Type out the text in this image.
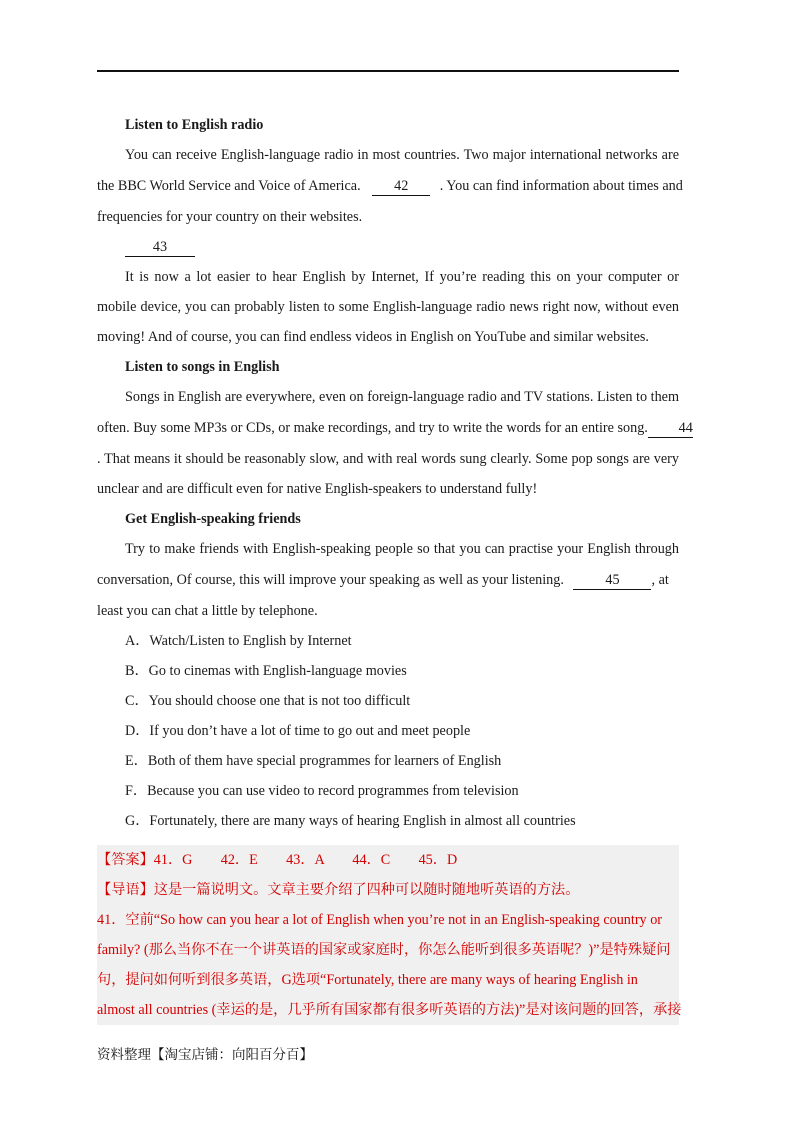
Listen to English radio
You can receive English-language radio in most countries. Two major international networks are
the BBC World Service and Voice of America. 42 . You can find information about times and
frequencies for your country on their websites.
43
It is now a lot easier to hear English by Internet, If you’re reading this on your computer or
mobile device, you can probably listen to some English-language radio news right now, without even
moving! And of course, you can find endless videos in English on YouTube and similar websites.
Listen to songs in English
Songs in English are everywhere, even on foreign-language radio and TV stations. Listen to them
often. Buy some MP3s or CDs, or make recordings, and try to write the words for an entire song. 44
. That means it should be reasonably slow, and with real words sung clearly. Some pop songs are very
unclear and are difficult even for native English-speakers to understand fully!
Get English-speaking friends
Try to make friends with English-speaking people so that you can practise your English through
conversation, Of course, this will improve your speaking as well as your listening.	45 , at
least you can chat a little by telephone.
A．Watch/Listen to English by Internet
B．Go to cinemas with English-language movies
C．You should choose one that is not too difficult
D．If you don’t have a lot of time to go out and meet people
E．Both of them have special programmes for learners of English
F．Because you can use video to record programmes from television
G．Fortunately, there are many ways of hearing English in almost all countries
【答案】41．G　　42．E　　43．A　　44．C　　45．D
【导语】这是一篇说明文。文章主要介绍了四种可以随时随地听英语的方法。
41．空前“So how can you hear a lot of English when you’re not in an English-speaking country or
family? (那么当你不在一个讲英语的国家或家庭时，你怎么能听到很多英语呢？)”是特殊疑问
句，提问如何听到很多英语，G选项“Fortunately, there are many ways of hearing English in
almost all countries (幸运的是，几乎所有国家都有很多听英语的方法)”是对该问题的回答，承接
资料整理【淘宝店铺：向阳百分百】
